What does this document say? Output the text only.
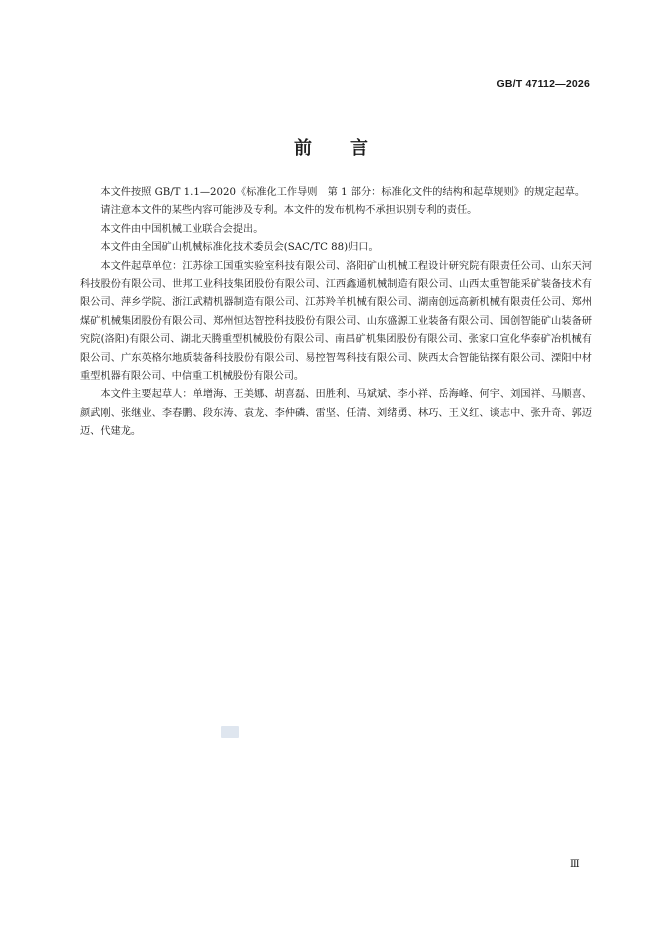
GB/T 47112—2026
前言

本文件按照 GB/T 1.1—2020《标准化工作导则　第 1 部分：标准化文件的结构和起草规则》的规定起草。

请注意本文件的某些内容可能涉及专利。本文件的发布机构不承担识别专利的责任。

本文件由中国机械工业联合会提出。

本文件由全国矿山机械标准化技术委员会(SAC/TC 88)归口。

本文件起草单位：江苏徐工国重实验室科技有限公司、洛阳矿山机械工程设计研究院有限责任公司、山东天河科技股份有限公司、世邦工业科技集团股份有限公司、江西鑫通机械制造有限公司、山西太重智能采矿装备技术有限公司、萍乡学院、浙江武精机器制造有限公司、江苏羚羊机械有限公司、湖南创远高新机械有限责任公司、郑州煤矿机械集团股份有限公司、郑州恒达智控科技股份有限公司、山东盛源工业装备有限公司、国创智能矿山装备研究院(洛阳)有限公司、湖北天腾重型机械股份有限公司、南昌矿机集团股份有限公司、张家口宣化华泰矿冶机械有限公司、广东英格尔地质装备科技股份有限公司、易控智驾科技有限公司、陕西太合智能钻探有限公司、溧阳中材重型机器有限公司、中信重工机械股份有限公司。

本文件主要起草人：单增海、王美娜、胡喜磊、田胜利、马斌斌、李小祥、岳海峰、何宇、刘国祥、马顺喜、颜武刚、张继业、李春鹏、段东涛、袁龙、李仲磷、雷坚、任清、刘绪勇、林巧、王义红、谈志中、张升奇、郭迈迈、代建龙。

Ⅲ
